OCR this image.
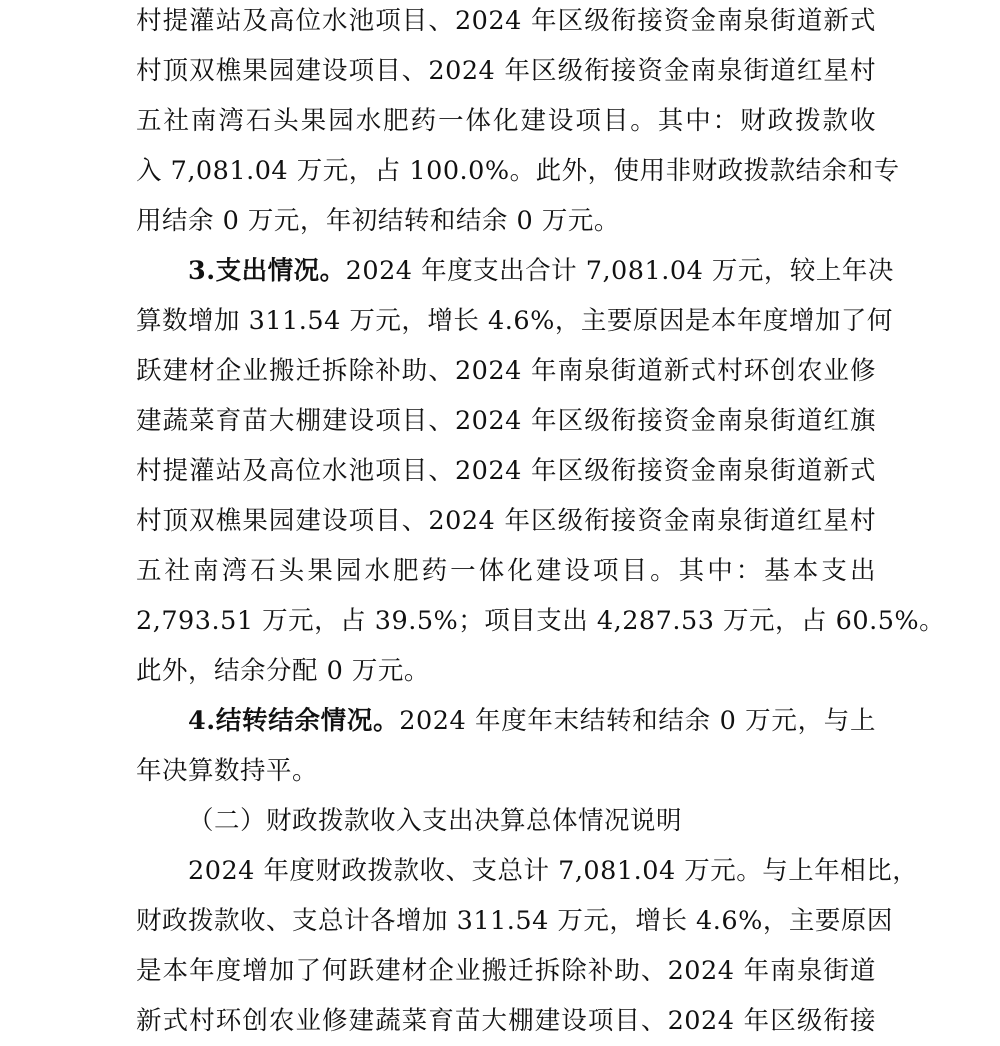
村提灌站及高位水池项目、2024 年区级衔接资金南泉街道新式
村顶双樵果园建设项目、2024 年区级衔接资金南泉街道红星村
五社南湾石头果园水肥药一体化建设项目。其中：财政拨款收
入 7,081.04 万元，占 100.0%。此外，使用非财政拨款结余和专
用结余 0 万元，年初结转和结余 0 万元。
3.支出情况。2024 年度支出合计 7,081.04 万元，较上年决
算数增加 311.54 万元，增长 4.6%，主要原因是本年度增加了何
跃建材企业搬迁拆除补助、2024 年南泉街道新式村环创农业修
建蔬菜育苗大棚建设项目、2024 年区级衔接资金南泉街道红旗
村提灌站及高位水池项目、2024 年区级衔接资金南泉街道新式
村顶双樵果园建设项目、2024 年区级衔接资金南泉街道红星村
五社南湾石头果园水肥药一体化建设项目。其中：基本支出
2,793.51 万元，占 39.5%；项目支出 4,287.53 万元，占 60.5%。
此外，结余分配 0 万元。
4.结转结余情况。2024 年度年末结转和结余 0 万元，与上
年决算数持平。
（二）财政拨款收入支出决算总体情况说明
2024 年度财政拨款收、支总计 7,081.04 万元。与上年相比，
财政拨款收、支总计各增加 311.54 万元，增长 4.6%，主要原因
是本年度增加了何跃建材企业搬迁拆除补助、2024 年南泉街道
新式村环创农业修建蔬菜育苗大棚建设项目、2024 年区级衔接
